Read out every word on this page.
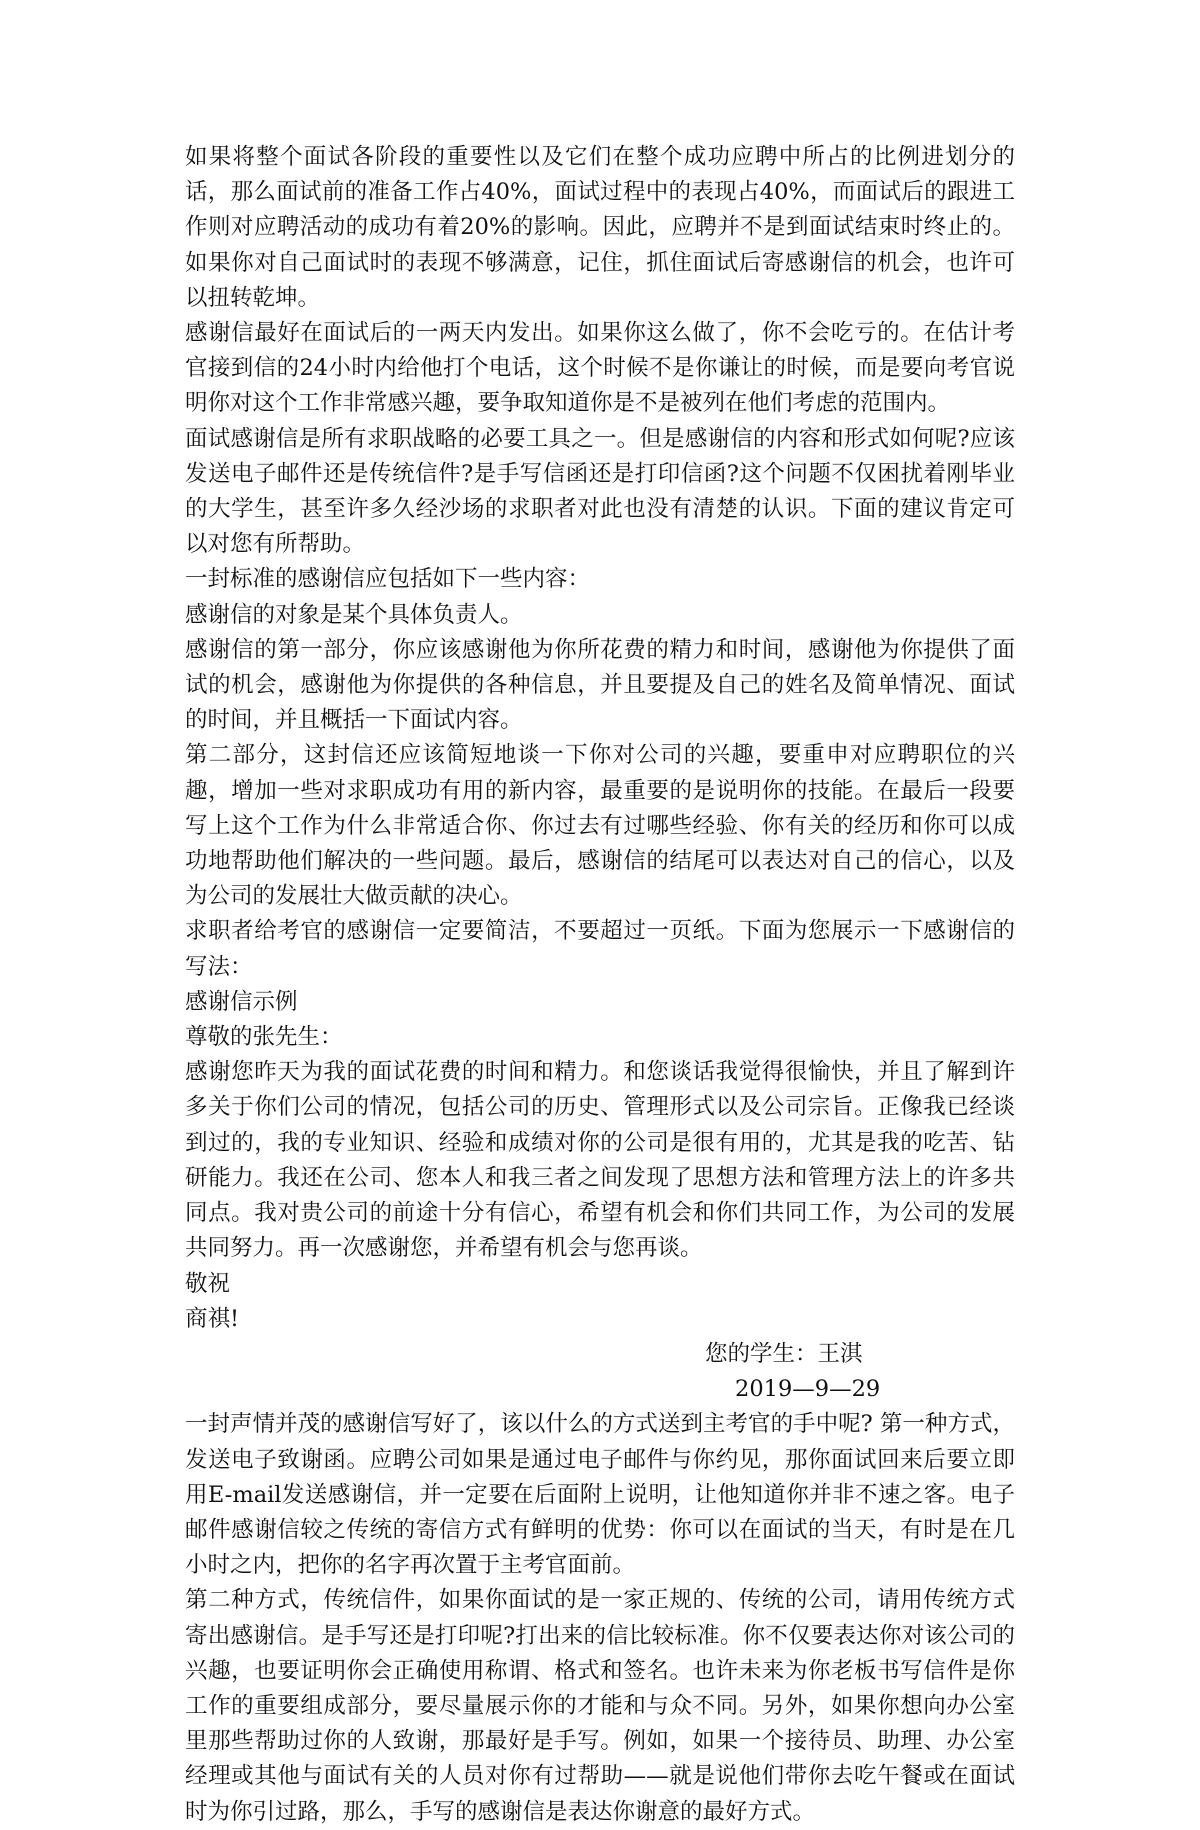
如果将整个面试各阶段的重要性以及它们在整个成功应聘中所占的比例进划分的话，那么面试前的准备工作占40%，面试过程中的表现占40%，而面试后的跟进工作则对应聘活动的成功有着20%的影响。因此，应聘并不是到面试结束时终止的。如果你对自己面试时的表现不够满意，记住，抓住面试后寄感谢信的机会，也许可以扭转乾坤。

感谢信最好在面试后的一两天内发出。如果你这么做了，你不会吃亏的。在估计考官接到信的24小时内给他打个电话，这个时候不是你谦让的时候，而是要向考官说明你对这个工作非常感兴趣，要争取知道你是不是被列在他们考虑的范围内。

面试感谢信是所有求职战略的必要工具之一。但是感谢信的内容和形式如何呢?应该发送电子邮件还是传统信件?是手写信函还是打印信函?这个问题不仅困扰着刚毕业的大学生，甚至许多久经沙场的求职者对此也没有清楚的认识。下面的建议肯定可以对您有所帮助。

一封标准的感谢信应包括如下一些内容：

感谢信的对象是某个具体负责人。

感谢信的第一部分，你应该感谢他为你所花费的精力和时间，感谢他为你提供了面试的机会，感谢他为你提供的各种信息，并且要提及自己的姓名及简单情况、面试的时间，并且概括一下面试内容。

第二部分，这封信还应该简短地谈一下你对公司的兴趣，要重申对应聘职位的兴趣，增加一些对求职成功有用的新内容，最重要的是说明你的技能。在最后一段要写上这个工作为什么非常适合你、你过去有过哪些经验、你有关的经历和你可以成功地帮助他们解决的一些问题。最后，感谢信的结尾可以表达对自己的信心，以及为公司的发展壮大做贡献的决心。

求职者给考官的感谢信一定要简洁，不要超过一页纸。下面为您展示一下感谢信的写法：

感谢信示例

尊敬的张先生：

感谢您昨天为我的面试花费的时间和精力。和您谈话我觉得很愉快，并且了解到许多关于你们公司的情况，包括公司的历史、管理形式以及公司宗旨。正像我已经谈到过的，我的专业知识、经验和成绩对你的公司是很有用的，尤其是我的吃苦、钻研能力。我还在公司、您本人和我三者之间发现了思想方法和管理方法上的许多共同点。我对贵公司的前途十分有信心，希望有机会和你们共同工作，为公司的发展共同努力。再一次感谢您，并希望有机会与您再谈。

敬祝

商祺!

您的学生：王淇

2019—9—29

一封声情并茂的感谢信写好了，该以什么的方式送到主考官的手中呢? 第一种方式，发送电子致谢函。应聘公司如果是通过电子邮件与你约见，那你面试回来后要立即用E-mail发送感谢信，并一定要在后面附上说明，让他知道你并非不速之客。电子邮件感谢信较之传统的寄信方式有鲜明的优势：你可以在面试的当天，有时是在几小时之内，把你的名字再次置于主考官面前。

第二种方式，传统信件，如果你面试的是一家正规的、传统的公司，请用传统方式寄出感谢信。是手写还是打印呢?打出来的信比较标准。你不仅要表达你对该公司的兴趣，也要证明你会正确使用称谓、格式和签名。也许未来为你老板书写信件是你工作的重要组成部分，要尽量展示你的才能和与众不同。另外，如果你想向办公室里那些帮助过你的人致谢，那最好是手写。例如，如果一个接待员、助理、办公室经理或其他与面试有关的人员对你有过帮助——就是说他们带你去吃午餐或在面试时为你引过路，那么，手写的感谢信是表达你谢意的最好方式。
